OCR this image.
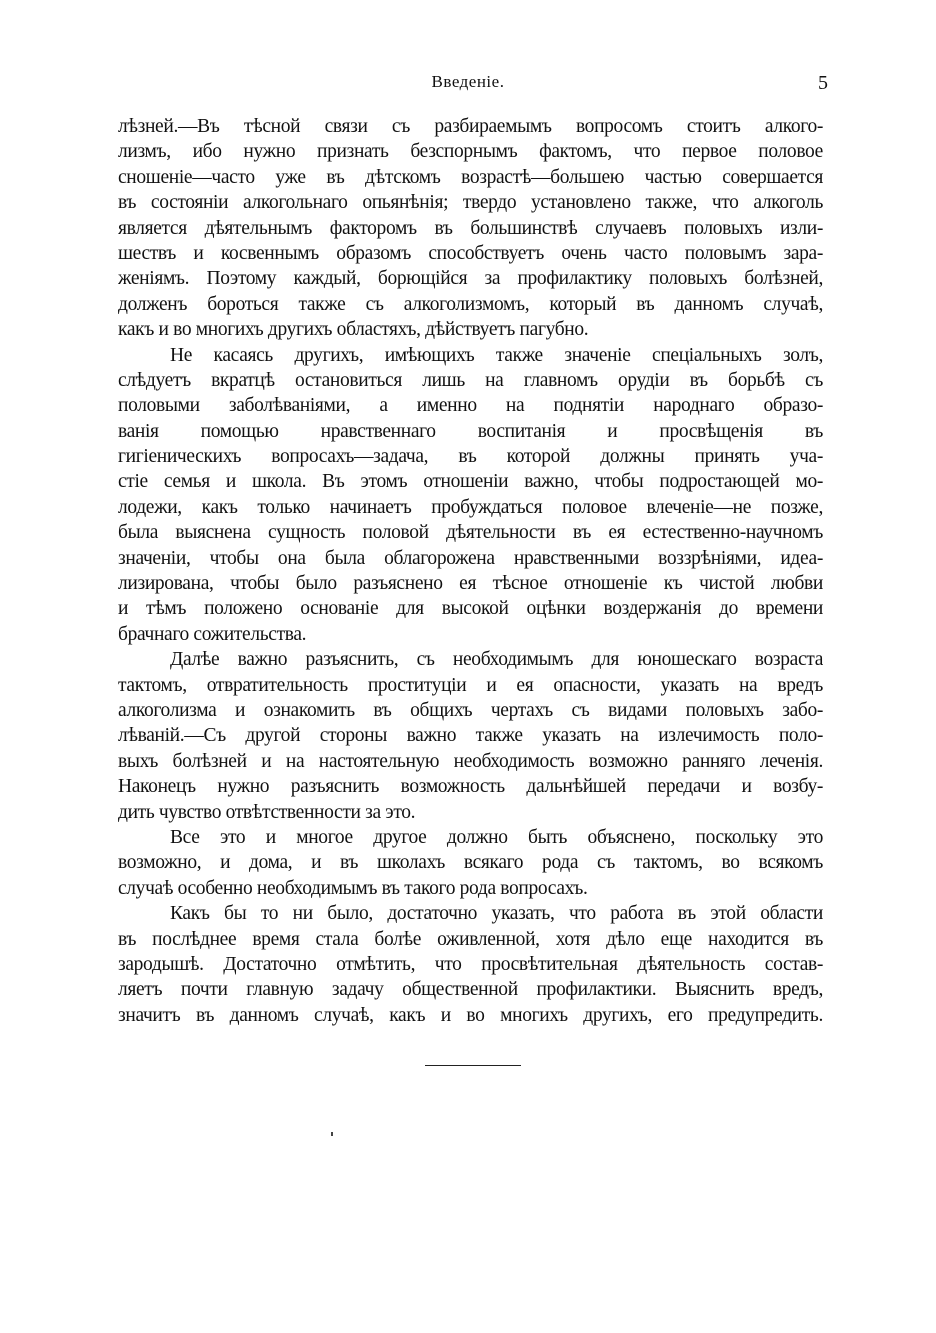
Введеніе.	5
лѣзней.—Въ тѣсной связи съ разбираемымъ вопросомъ стоитъ алкого-
лизмъ, ибо нужно признать безспорнымъ фактомъ, что первое половое
сношеніе—часто уже въ дѣтскомъ возрастѣ—большею частью совершается
въ состояніи алкогольнаго опьянѣнія; твердо установлено также, что алкоголь
является дѣятельнымъ факторомъ въ большинствѣ случаевъ половыхъ изли-
шествъ и косвеннымъ образомъ способствуетъ очень часто половымъ зара-
женіямъ. Поэтому каждый, борющійся за профилактику половыхъ болѣзней,
долженъ бороться также съ алкоголизмомъ, который въ данномъ случаѣ,
какъ и во многихъ другихъ областяхъ, дѣйствуетъ пагубно.
Не касаясь другихъ, имѣющихъ также значеніе спеціальныхъ золъ,
слѣдуетъ вкратцѣ остановиться лишь на главномъ орудіи въ борьбѣ съ
половыми заболѣваніями, а именно на поднятіи народнаго образо-
ванія помощью нравственнаго воспитанія и просвѣщенія въ
гигіеническихъ вопросахъ—задача, въ которой должны принять уча-
стіе семья и школа. Въ этомъ отношеніи важно, чтобы подростающей мо-
лодежи, какъ только начинаетъ пробуждаться половое влеченіе—не позже,
была выяснена сущность половой дѣятельности въ ея естественно-научномъ
значеніи, чтобы она была облагорожена нравственными воззрѣніями, идеа-
лизирована, чтобы было разъяснено ея тѣсное отношеніе къ чистой любви
и тѣмъ положено основаніе для высокой оцѣнки воздержанія до времени
брачнаго сожительства.
Далѣе важно разъяснить, съ необходимымъ для юношескаго возраста
тактомъ, отвратительность проституціи и ея опасности, указать на вредъ
алкоголизма и ознакомить въ общихъ чертахъ съ видами половыхъ забо-
лѣваній.—Съ другой стороны важно также указать на излечимость поло-
выхъ болѣзней и на настоятельную необходимость возможно ранняго леченія.
Наконецъ нужно разъяснить возможность дальнѣйшей передачи и возбу-
дить чувство отвѣтственности за это.
Все это и многое другое должно быть объяснено, поскольку это
возможно, и дома, и въ школахъ всякаго рода съ тактомъ, во всякомъ
случаѣ особенно необходимымъ въ такого рода вопросахъ.
Какъ бы то ни было, достаточно указать, что работа въ этой области
въ послѣднее время стала болѣе оживленной, хотя дѣло еще находится въ
зародышѣ. Достаточно отмѣтить, что просвѣтительная дѣятельность состав-
ляетъ почти главную задачу общественной профилактики. Выяснить вредъ,
значитъ въ данномъ случаѣ, какъ и во многихъ другихъ, его предупредить.
